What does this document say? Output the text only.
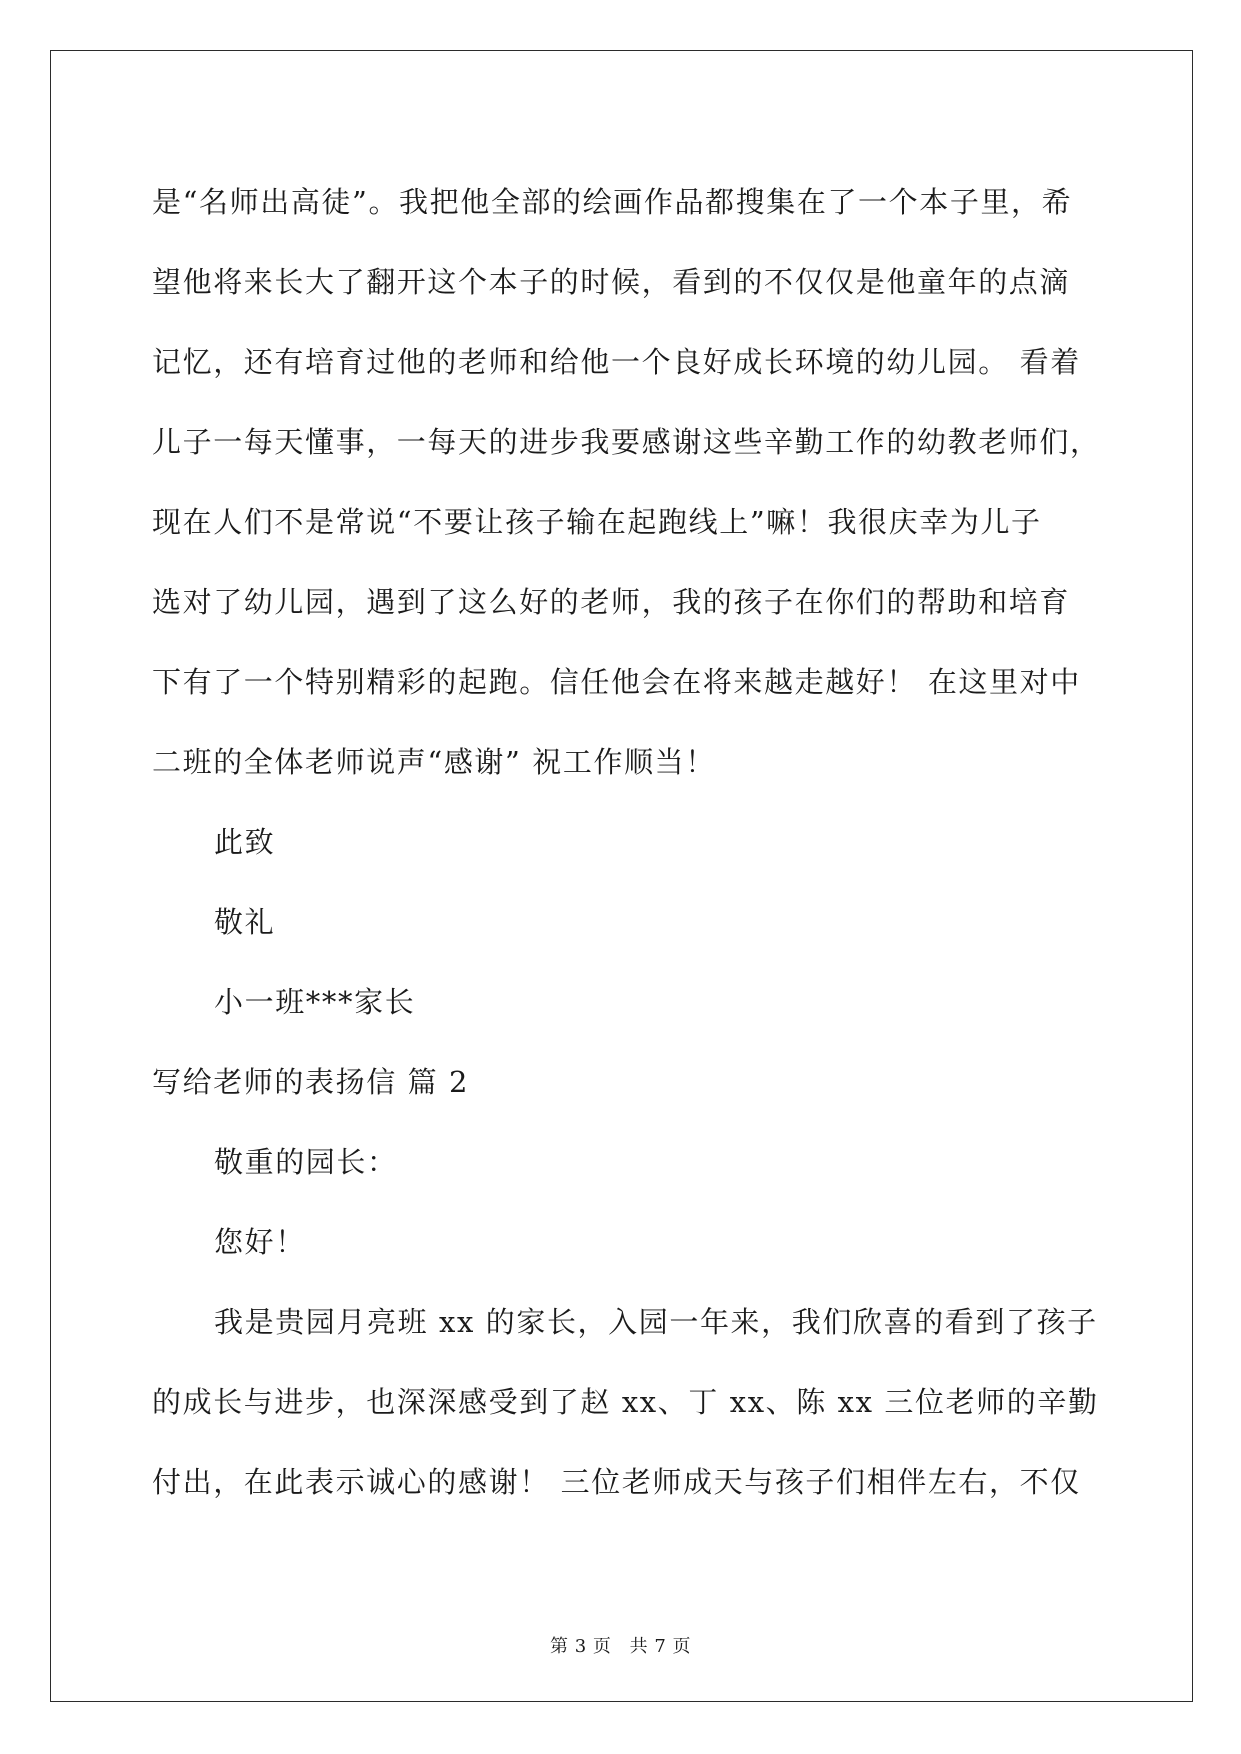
是“名师出高徒”。我把他全部的绘画作品都搜集在了一个本子里，希
望他将来长大了翻开这个本子的时候，看到的不仅仅是他童年的点滴
记忆，还有培育过他的老师和给他一个良好成长环境的幼儿园。 看着
儿子一每天懂事，一每天的进步我要感谢这些辛勤工作的幼教老师们，
现在人们不是常说“不要让孩子输在起跑线上”嘛！我很庆幸为儿子
选对了幼儿园，遇到了这么好的老师，我的孩子在你们的帮助和培育
下有了一个特别精彩的起跑。信任他会在将来越走越好！ 在这里对中
二班的全体老师说声“感谢” 祝工作顺当！
此致
敬礼
小一班***家长
写给老师的表扬信 篇 2
敬重的园长：
您好！
我是贵园月亮班 xx 的家长，入园一年来，我们欣喜的看到了孩子
的成长与进步，也深深感受到了赵 xx、丁 xx、陈 xx 三位老师的辛勤
付出，在此表示诚心的感谢！ 三位老师成天与孩子们相伴左右，不仅
第 3 页 共 7 页
